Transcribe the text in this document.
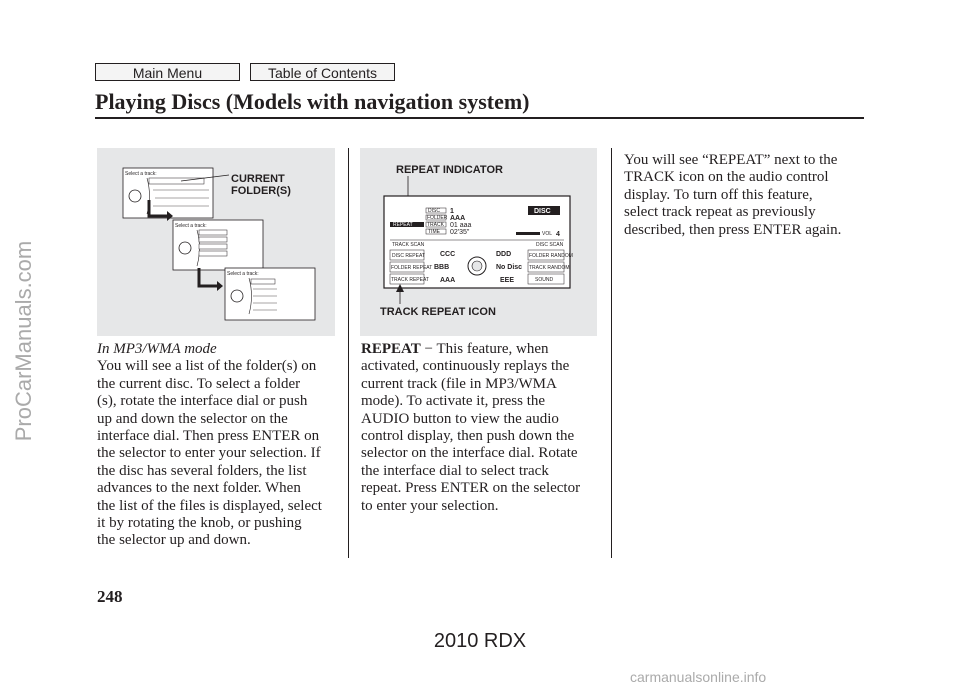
Main Menu	Table of Contents
Playing Discs (Models with navigation system)
ProCarManuals.com
Select a track:
Select a track:
Select a track:
CURRENT
FOLDER(S)
REPEAT INDICATOR
DISC
FOLDER
TRACK
TIME
REPEAT
1
AAA
01 aaa
02'35"
DISC
VOL 4
TRACK SCAN	DISC SCAN
DISC REPEAT
FOLDER REPEAT
TRACK REPEAT
FOLDER RANDOM
TRACK RANDOM
SOUND
CCC	DDD
BBB	No Disc
AAA	EEE
TRACK REPEAT ICON
In MP3/WMA mode
You will see a list of the folder(s) on
the current disc. To select a folder
(s), rotate the interface dial or push
up and down the selector on the
interface dial. Then press ENTER on
the selector to enter your selection. If
the disc has several folders, the list
advances to the next folder. When
the list of the files is displayed, select
it by rotating the knob, or pushing
the selector up and down.
REPEAT − This feature, when
activated, continuously replays the
current track (file in MP3/WMA
mode). To activate it, press the
AUDIO button to view the audio
control display, then push down the
selector on the interface dial. Rotate
the interface dial to select track
repeat. Press ENTER on the selector
to enter your selection.
You will see “REPEAT” next to the
TRACK icon on the audio control
display. To turn off this feature,
select track repeat as previously
described, then press ENTER again.
248
2010 RDX
carmanualsonline.info
